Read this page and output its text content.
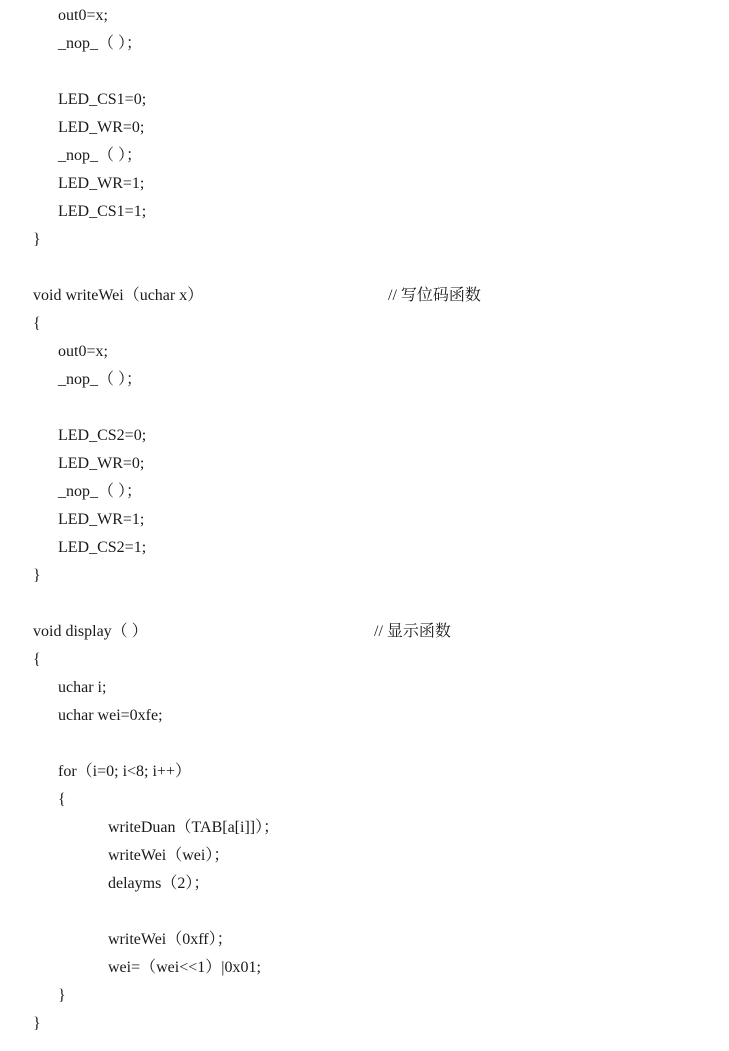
out0=x;
_nop_（ ）；
LED_CS1=0;
LED_WR=0;
_nop_（ ）；
LED_WR=1;
LED_CS1=1;
}
void writeWei（uchar x）	// 写位码函数
{
out0=x;
_nop_（ ）；
LED_CS2=0;
LED_WR=0;
_nop_（ ）；
LED_WR=1;
LED_CS2=1;
}
void display（ ）	// 显示函数
{
uchar i;
uchar wei=0xfe;
for（i=0; i<8; i++）
{
writeDuan（TAB[a[i]]）；
writeWei（wei）；
delayms（2）；
writeWei（0xff）；
wei=（wei<<1）|0x01;
}
}
